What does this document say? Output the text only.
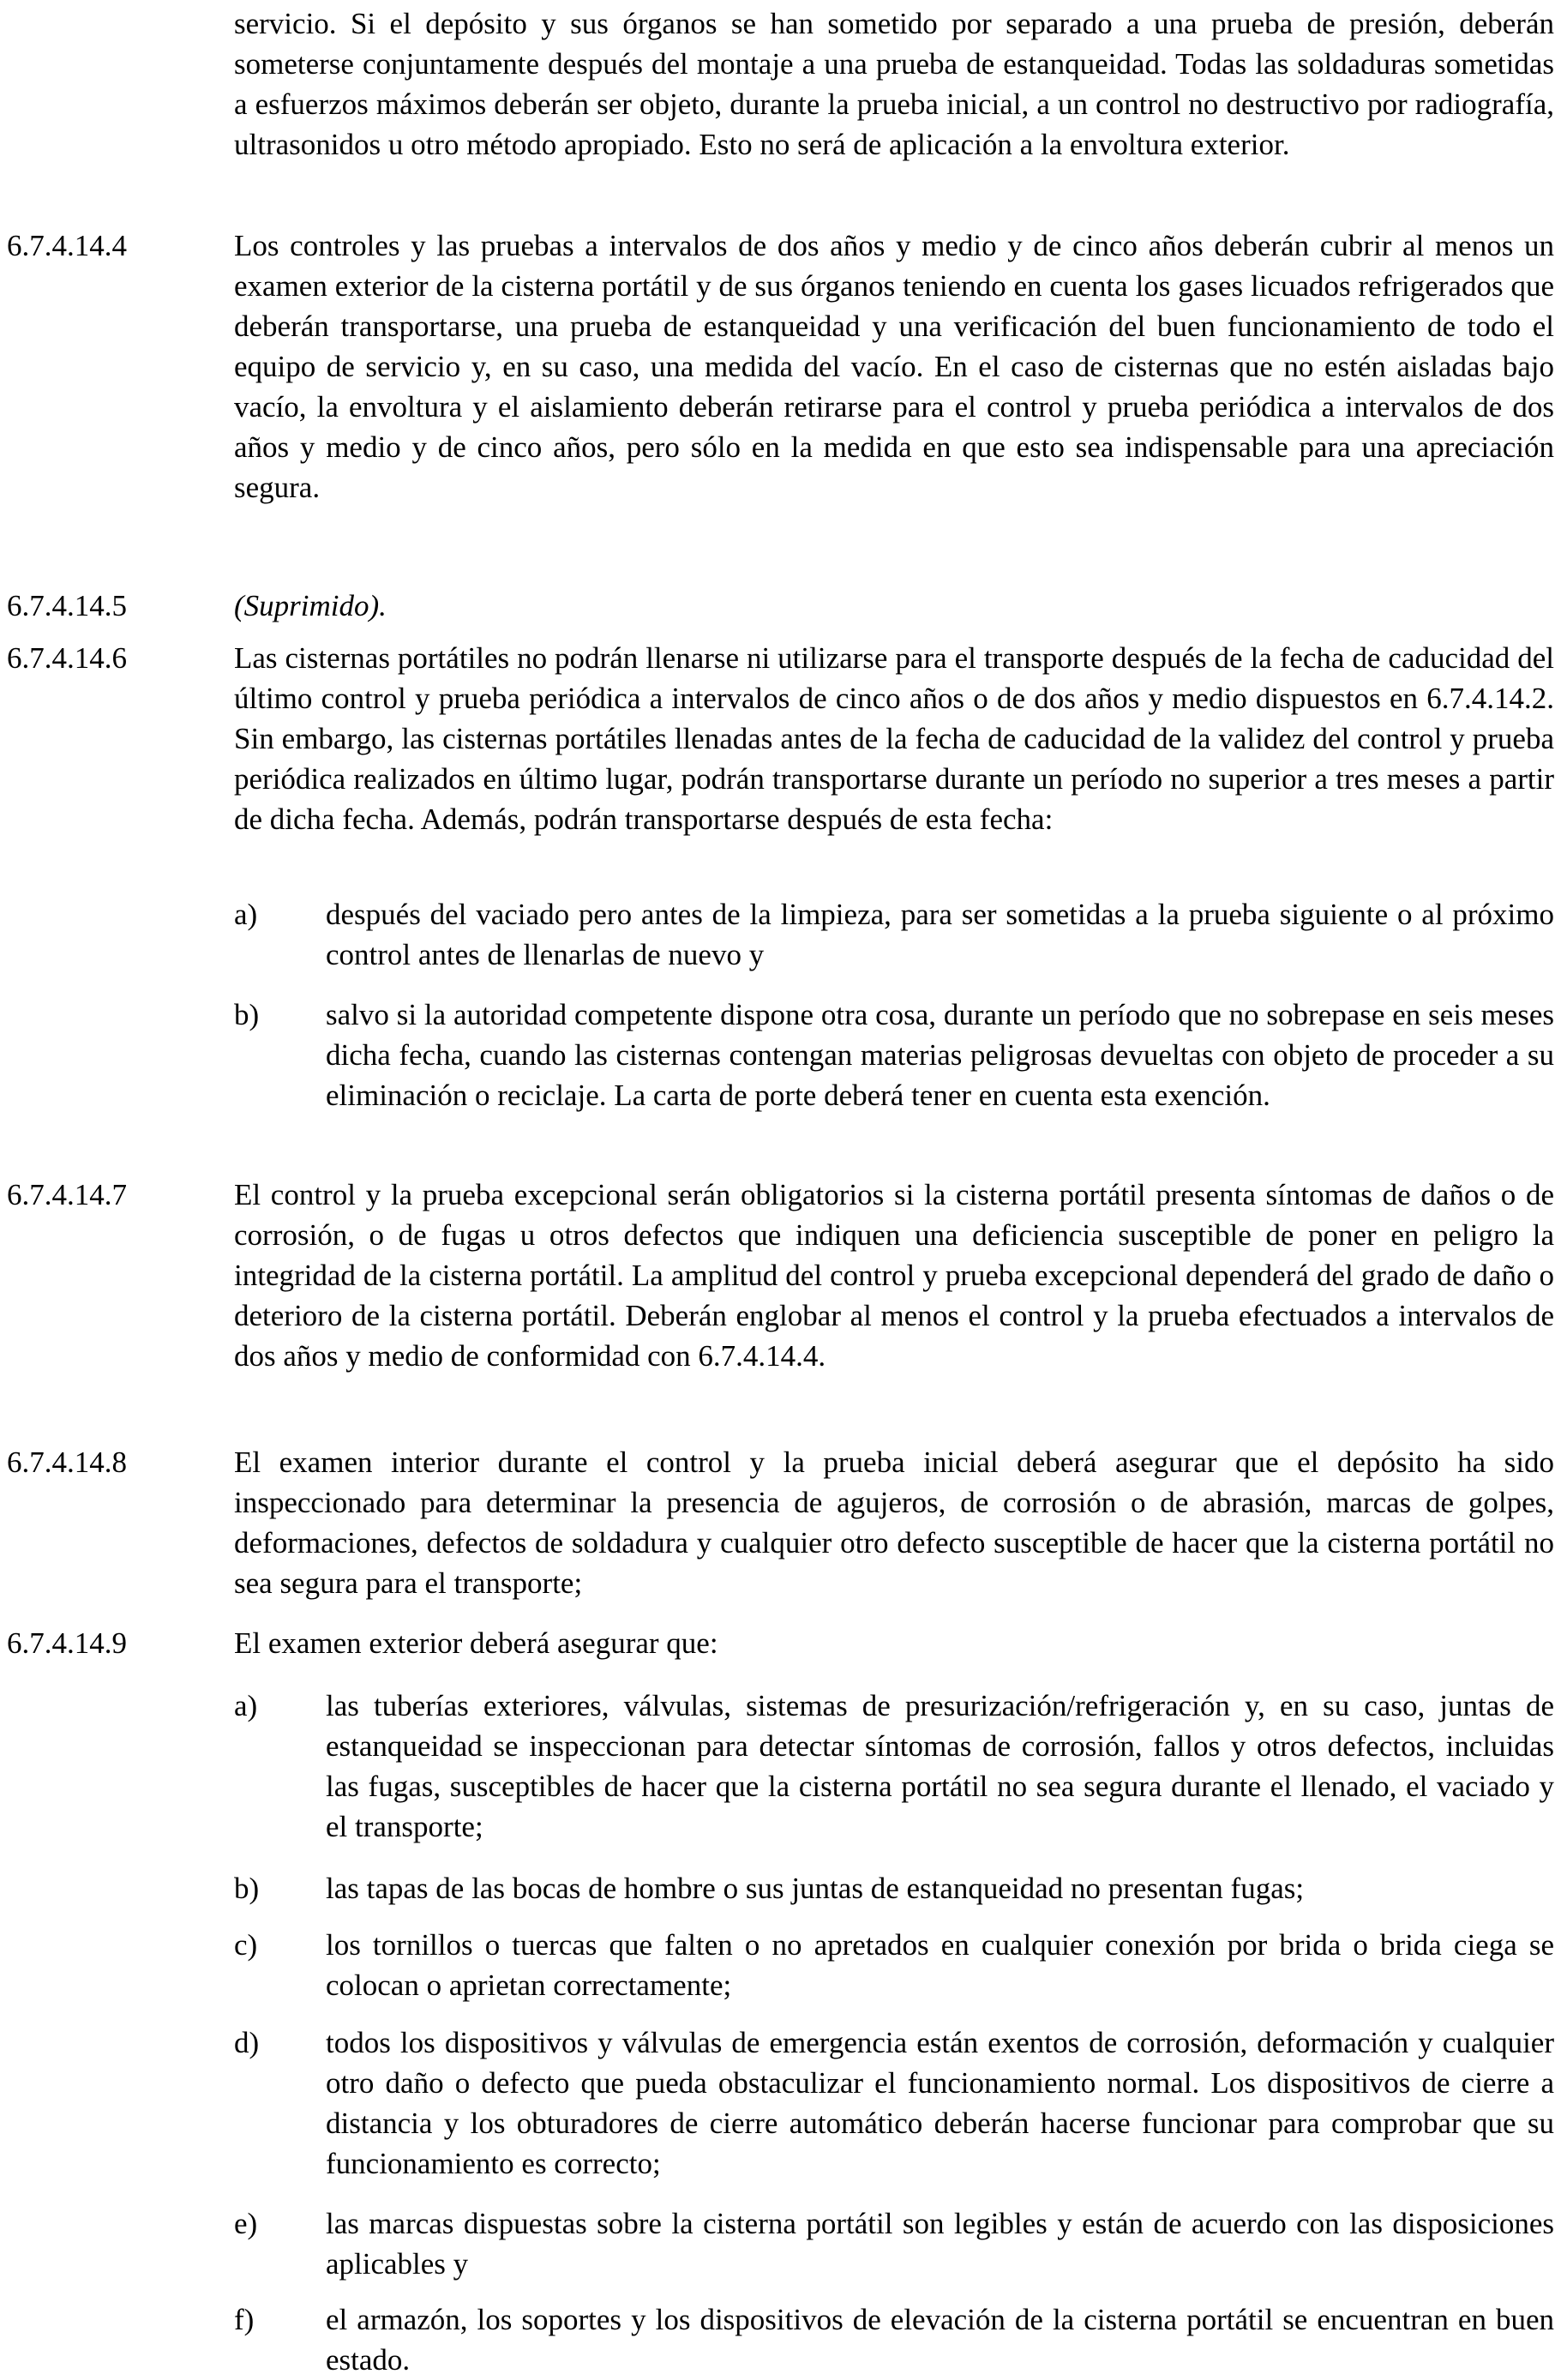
servicio. Si el depósito y sus órganos se han sometido por separado a una prueba de presión, deberán someterse conjuntamente después del montaje a una prueba de estanqueidad. Todas las soldaduras sometidas a esfuerzos máximos deberán ser objeto, durante la prueba inicial, a un control no destructivo por radiografía, ultrasonidos u otro método apropiado. Esto no será de aplicación a la envoltura exterior.

6.7.4.14.4	Los controles y las pruebas a intervalos de dos años y medio y de cinco años deberán cubrir al menos un examen exterior de la cisterna portátil y de sus órganos teniendo en cuenta los gases licuados refrigerados que deberán transportarse, una prueba de estanqueidad y una verificación del buen funcionamiento de todo el equipo de servicio y, en su caso, una medida del vacío. En el caso de cisternas que no estén aisladas bajo vacío, la envoltura y el aislamiento deberán retirarse para el control y prueba periódica a intervalos de dos años y medio y de cinco años, pero sólo en la medida en que esto sea indispensable para una apreciación segura.

6.7.4.14.5	(Suprimido).

6.7.4.14.6	Las cisternas portátiles no podrán llenarse ni utilizarse para el transporte después de la fecha de caducidad del último control y prueba periódica a intervalos de cinco años o de dos años y medio dispuestos en 6.7.4.14.2. Sin embargo, las cisternas portátiles llenadas antes de la fecha de caducidad de la validez del control y prueba periódica realizados en último lugar, podrán transportarse durante un período no superior a tres meses a partir de dicha fecha. Además, podrán transportarse después de esta fecha:

a) después del vaciado pero antes de la limpieza, para ser sometidas a la prueba siguiente o al próximo control antes de llenarlas de nuevo y

b) salvo si la autoridad competente dispone otra cosa, durante un período que no sobrepase en seis meses dicha fecha, cuando las cisternas contengan materias peligrosas devueltas con objeto de proceder a su eliminación o reciclaje. La carta de porte deberá tener en cuenta esta exención.

6.7.4.14.7	El control y la prueba excepcional serán obligatorios si la cisterna portátil presenta síntomas de daños o de corrosión, o de fugas u otros defectos que indiquen una deficiencia susceptible de poner en peligro la integridad de la cisterna portátil. La amplitud del control y prueba excepcional dependerá del grado de daño o deterioro de la cisterna portátil. Deberán englobar al menos el control y la prueba efectuados a intervalos de dos años y medio de conformidad con 6.7.4.14.4.

6.7.4.14.8	El examen interior durante el control y la prueba inicial deberá asegurar que el depósito ha sido inspeccionado para determinar la presencia de agujeros, de corrosión o de abrasión, marcas de golpes, deformaciones, defectos de soldadura y cualquier otro defecto susceptible de hacer que la cisterna portátil no sea segura para el transporte;

6.7.4.14.9	El examen exterior deberá asegurar que:

a) las tuberías exteriores, válvulas, sistemas de presurización/refrigeración y, en su caso, juntas de estanqueidad se inspeccionan para detectar síntomas de corrosión, fallos y otros defectos, incluidas las fugas, susceptibles de hacer que la cisterna portátil no sea segura durante el llenado, el vaciado y el transporte;

b) las tapas de las bocas de hombre o sus juntas de estanqueidad no presentan fugas;

c) los tornillos o tuercas que falten o no apretados en cualquier conexión por brida o brida ciega se colocan o aprietan correctamente;

d) todos los dispositivos y válvulas de emergencia están exentos de corrosión, deformación y cualquier otro daño o defecto que pueda obstaculizar el funcionamiento normal. Los dispositivos de cierre a distancia y los obturadores de cierre automático deberán hacerse funcionar para comprobar que su funcionamiento es correcto;

e) las marcas dispuestas sobre la cisterna portátil son legibles y están de acuerdo con las disposiciones aplicables y

f) el armazón, los soportes y los dispositivos de elevación de la cisterna portátil se encuentran en buen estado.
